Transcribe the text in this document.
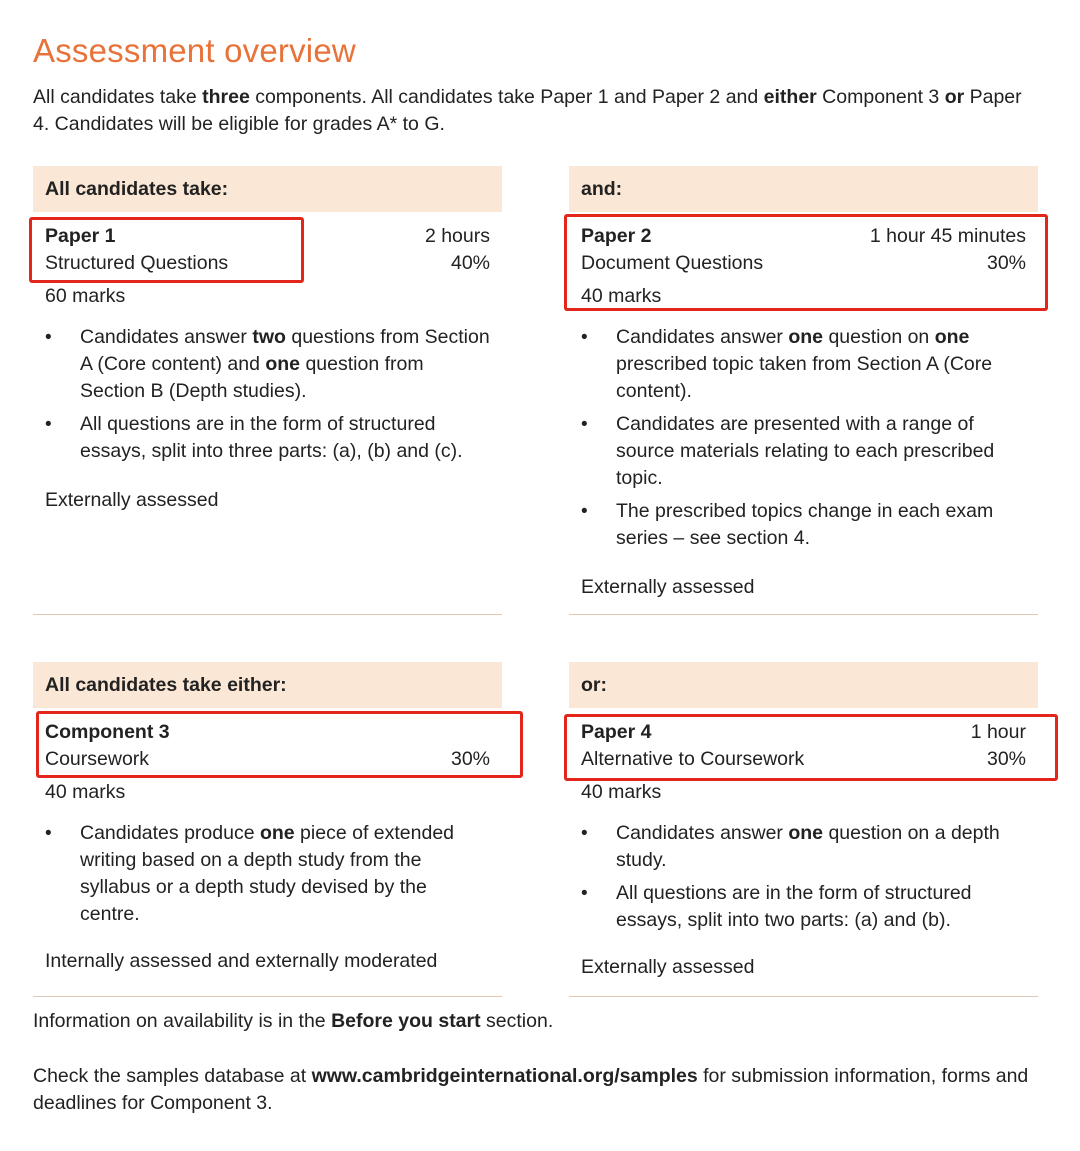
Assessment overview

All candidates take three components. All candidates take Paper 1 and Paper 2 and either Component 3 or Paper 4. Candidates will be eligible for grades A* to G.

All candidates take:
Paper 1	2 hours
Structured Questions	40%
60 marks
• Candidates answer two questions from Section A (Core content) and one question from Section B (Depth studies).
• All questions are in the form of structured essays, split into three parts: (a), (b) and (c).
Externally assessed
and:
Paper 2	1 hour 45 minutes
Document Questions	30%
40 marks
• Candidates answer one question on one prescribed topic taken from Section A (Core content).
• Candidates are presented with a range of source materials relating to each prescribed topic.
• The prescribed topics change in each exam series – see section 4.
Externally assessed
All candidates take either:
Component 3
Coursework	30%
40 marks
• Candidates produce one piece of extended writing based on a depth study from the syllabus or a depth study devised by the centre.
Internally assessed and externally moderated
or:
Paper 4	1 hour
Alternative to Coursework	30%
40 marks
• Candidates answer one question on a depth study.
• All questions are in the form of structured essays, split into two parts: (a) and (b).
Externally assessed

Information on availability is in the Before you start section.

Check the samples database at www.cambridgeinternational.org/samples for submission information, forms and deadlines for Component 3.
